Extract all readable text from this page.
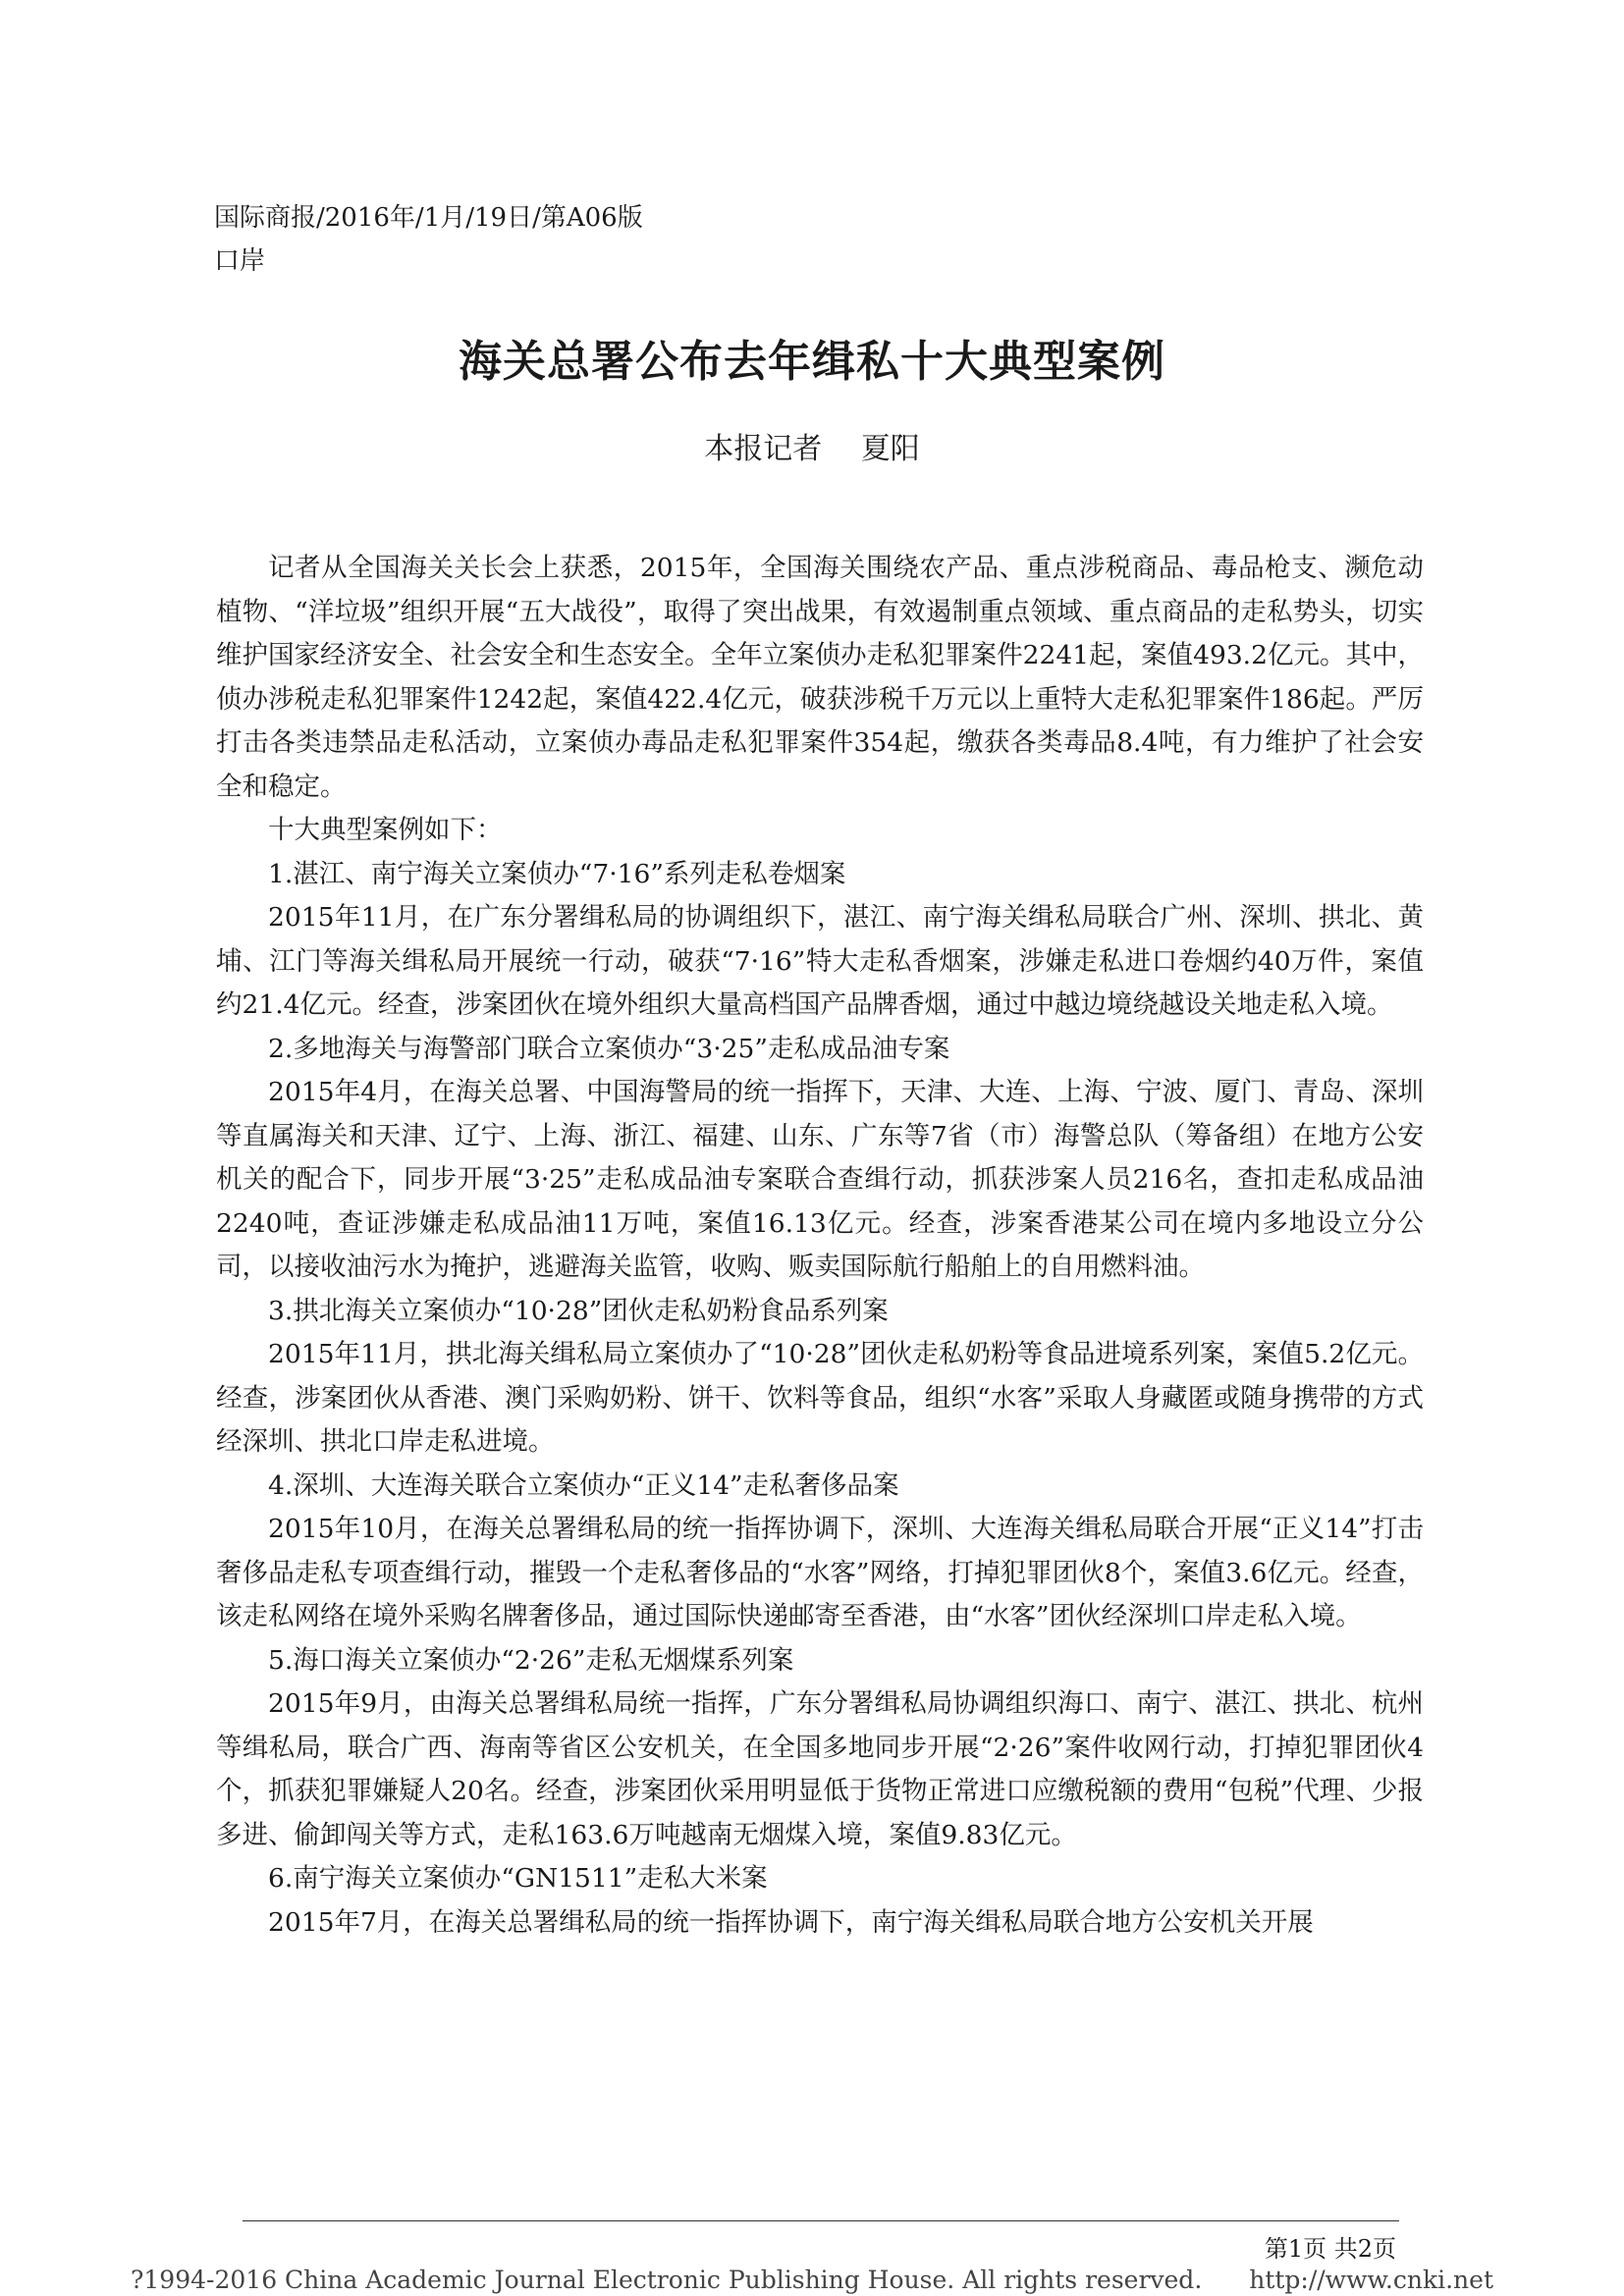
国际商报/2016年/1月/19日/第A06版
口岸
海关总署公布去年缉私十大典型案例
本报记者 夏阳

记者从全国海关关长会上获悉，2015年，全国海关围绕农产品、重点涉税商品、毒品枪支、濒危动植物、“洋垃圾”组织开展“五大战役”，取得了突出战果，有效遏制重点领域、重点商品的走私势头，切实维护国家经济安全、社会安全和生态安全。全年立案侦办走私犯罪案件2241起，案值493.2亿元。其中，侦办涉税走私犯罪案件1242起，案值422.4亿元，破获涉税千万元以上重特大走私犯罪案件186起。严厉打击各类违禁品走私活动，立案侦办毒品走私犯罪案件354起，缴获各类毒品8.4吨，有力维护了社会安全和稳定。

十大典型案例如下：

1.湛江、南宁海关立案侦办“7·16”系列走私卷烟案

2015年11月，在广东分署缉私局的协调组织下，湛江、南宁海关缉私局联合广州、深圳、拱北、黄埔、江门等海关缉私局开展统一行动，破获“7·16”特大走私香烟案，涉嫌走私进口卷烟约40万件，案值约21.4亿元。经查，涉案团伙在境外组织大量高档国产品牌香烟，通过中越边境绕越设关地走私入境。

2.多地海关与海警部门联合立案侦办“3·25”走私成品油专案

2015年4月，在海关总署、中国海警局的统一指挥下，天津、大连、上海、宁波、厦门、青岛、深圳等直属海关和天津、辽宁、上海、浙江、福建、山东、广东等7省（市）海警总队（筹备组）在地方公安机关的配合下，同步开展“3·25”走私成品油专案联合查缉行动，抓获涉案人员216名，查扣走私成品油2240吨，查证涉嫌走私成品油11万吨，案值16.13亿元。经查，涉案香港某公司在境内多地设立分公司，以接收油污水为掩护，逃避海关监管，收购、贩卖国际航行船舶上的自用燃料油。

3.拱北海关立案侦办“10·28”团伙走私奶粉食品系列案

2015年11月，拱北海关缉私局立案侦办了“10·28”团伙走私奶粉等食品进境系列案，案值5.2亿元。经查，涉案团伙从香港、澳门采购奶粉、饼干、饮料等食品，组织“水客”采取人身藏匿或随身携带的方式经深圳、拱北口岸走私进境。

4.深圳、大连海关联合立案侦办“正义14”走私奢侈品案

2015年10月，在海关总署缉私局的统一指挥协调下，深圳、大连海关缉私局联合开展“正义14”打击奢侈品走私专项查缉行动，摧毁一个走私奢侈品的“水客”网络，打掉犯罪团伙8个，案值3.6亿元。经查，该走私网络在境外采购名牌奢侈品，通过国际快递邮寄至香港，由“水客”团伙经深圳口岸走私入境。

5.海口海关立案侦办“2·26”走私无烟煤系列案

2015年9月，由海关总署缉私局统一指挥，广东分署缉私局协调组织海口、南宁、湛江、拱北、杭州等缉私局，联合广西、海南等省区公安机关，在全国多地同步开展“2·26”案件收网行动，打掉犯罪团伙4个，抓获犯罪嫌疑人20名。经查，涉案团伙采用明显低于货物正常进口应缴税额的费用“包税”代理、少报多进、偷卸闯关等方式，走私163.6万吨越南无烟煤入境，案值9.83亿元。

6.南宁海关立案侦办“GN1511”走私大米案

2015年7月，在海关总署缉私局的统一指挥协调下，南宁海关缉私局联合地方公安机关开展

第1页 共2页
?1994-2016 China Academic Journal Electronic Publishing House. All rights reserved. http://www.cnki.net
